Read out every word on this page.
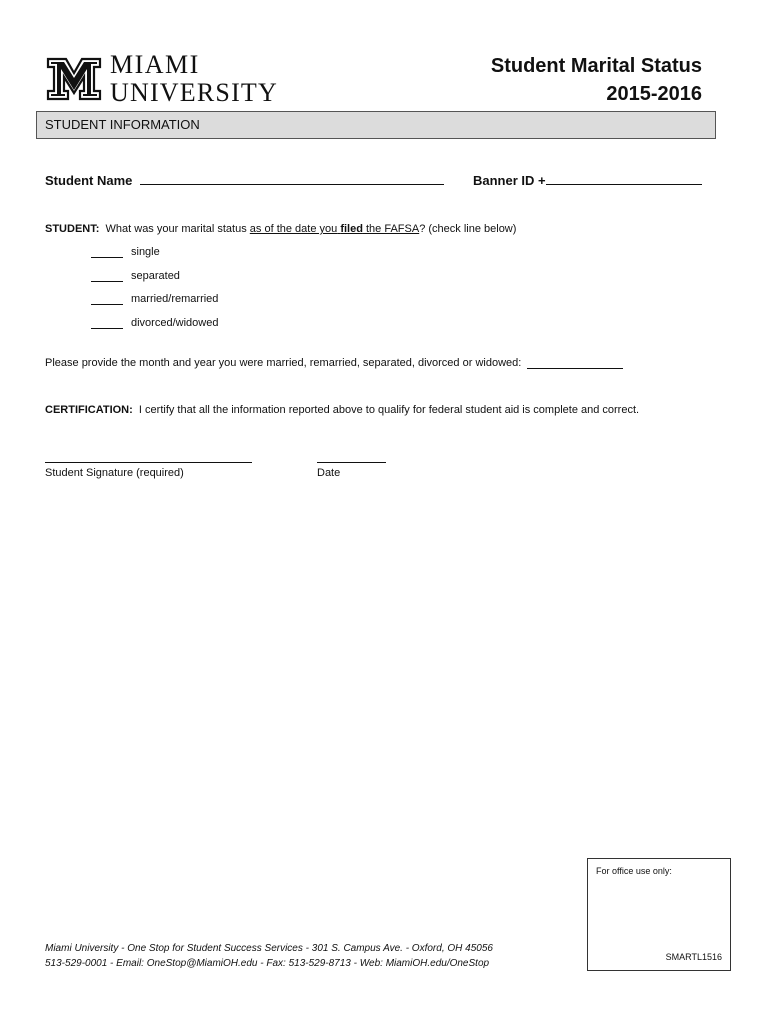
MIAMI
UNIVERSITY
Student Marital Status
2015-2016
STUDENT INFORMATION
Student Name	Banner ID +
STUDENT: What was your marital status as of the date you filed the FAFSA? (check line below)
single
separated
married/remarried
divorced/widowed
Please provide the month and year you were married, remarried, separated, divorced or widowed:
CERTIFICATION: I certify that all the information reported above to qualify for federal student aid is complete and correct.
Student Signature (required)	Date
For office use only:
SMARTL1516
Miami University - One Stop for Student Success Services - 301 S. Campus Ave. - Oxford, OH 45056
513-529-0001 - Email: OneStop@MiamiOH.edu - Fax: 513-529-8713 - Web: MiamiOH.edu/OneStop
